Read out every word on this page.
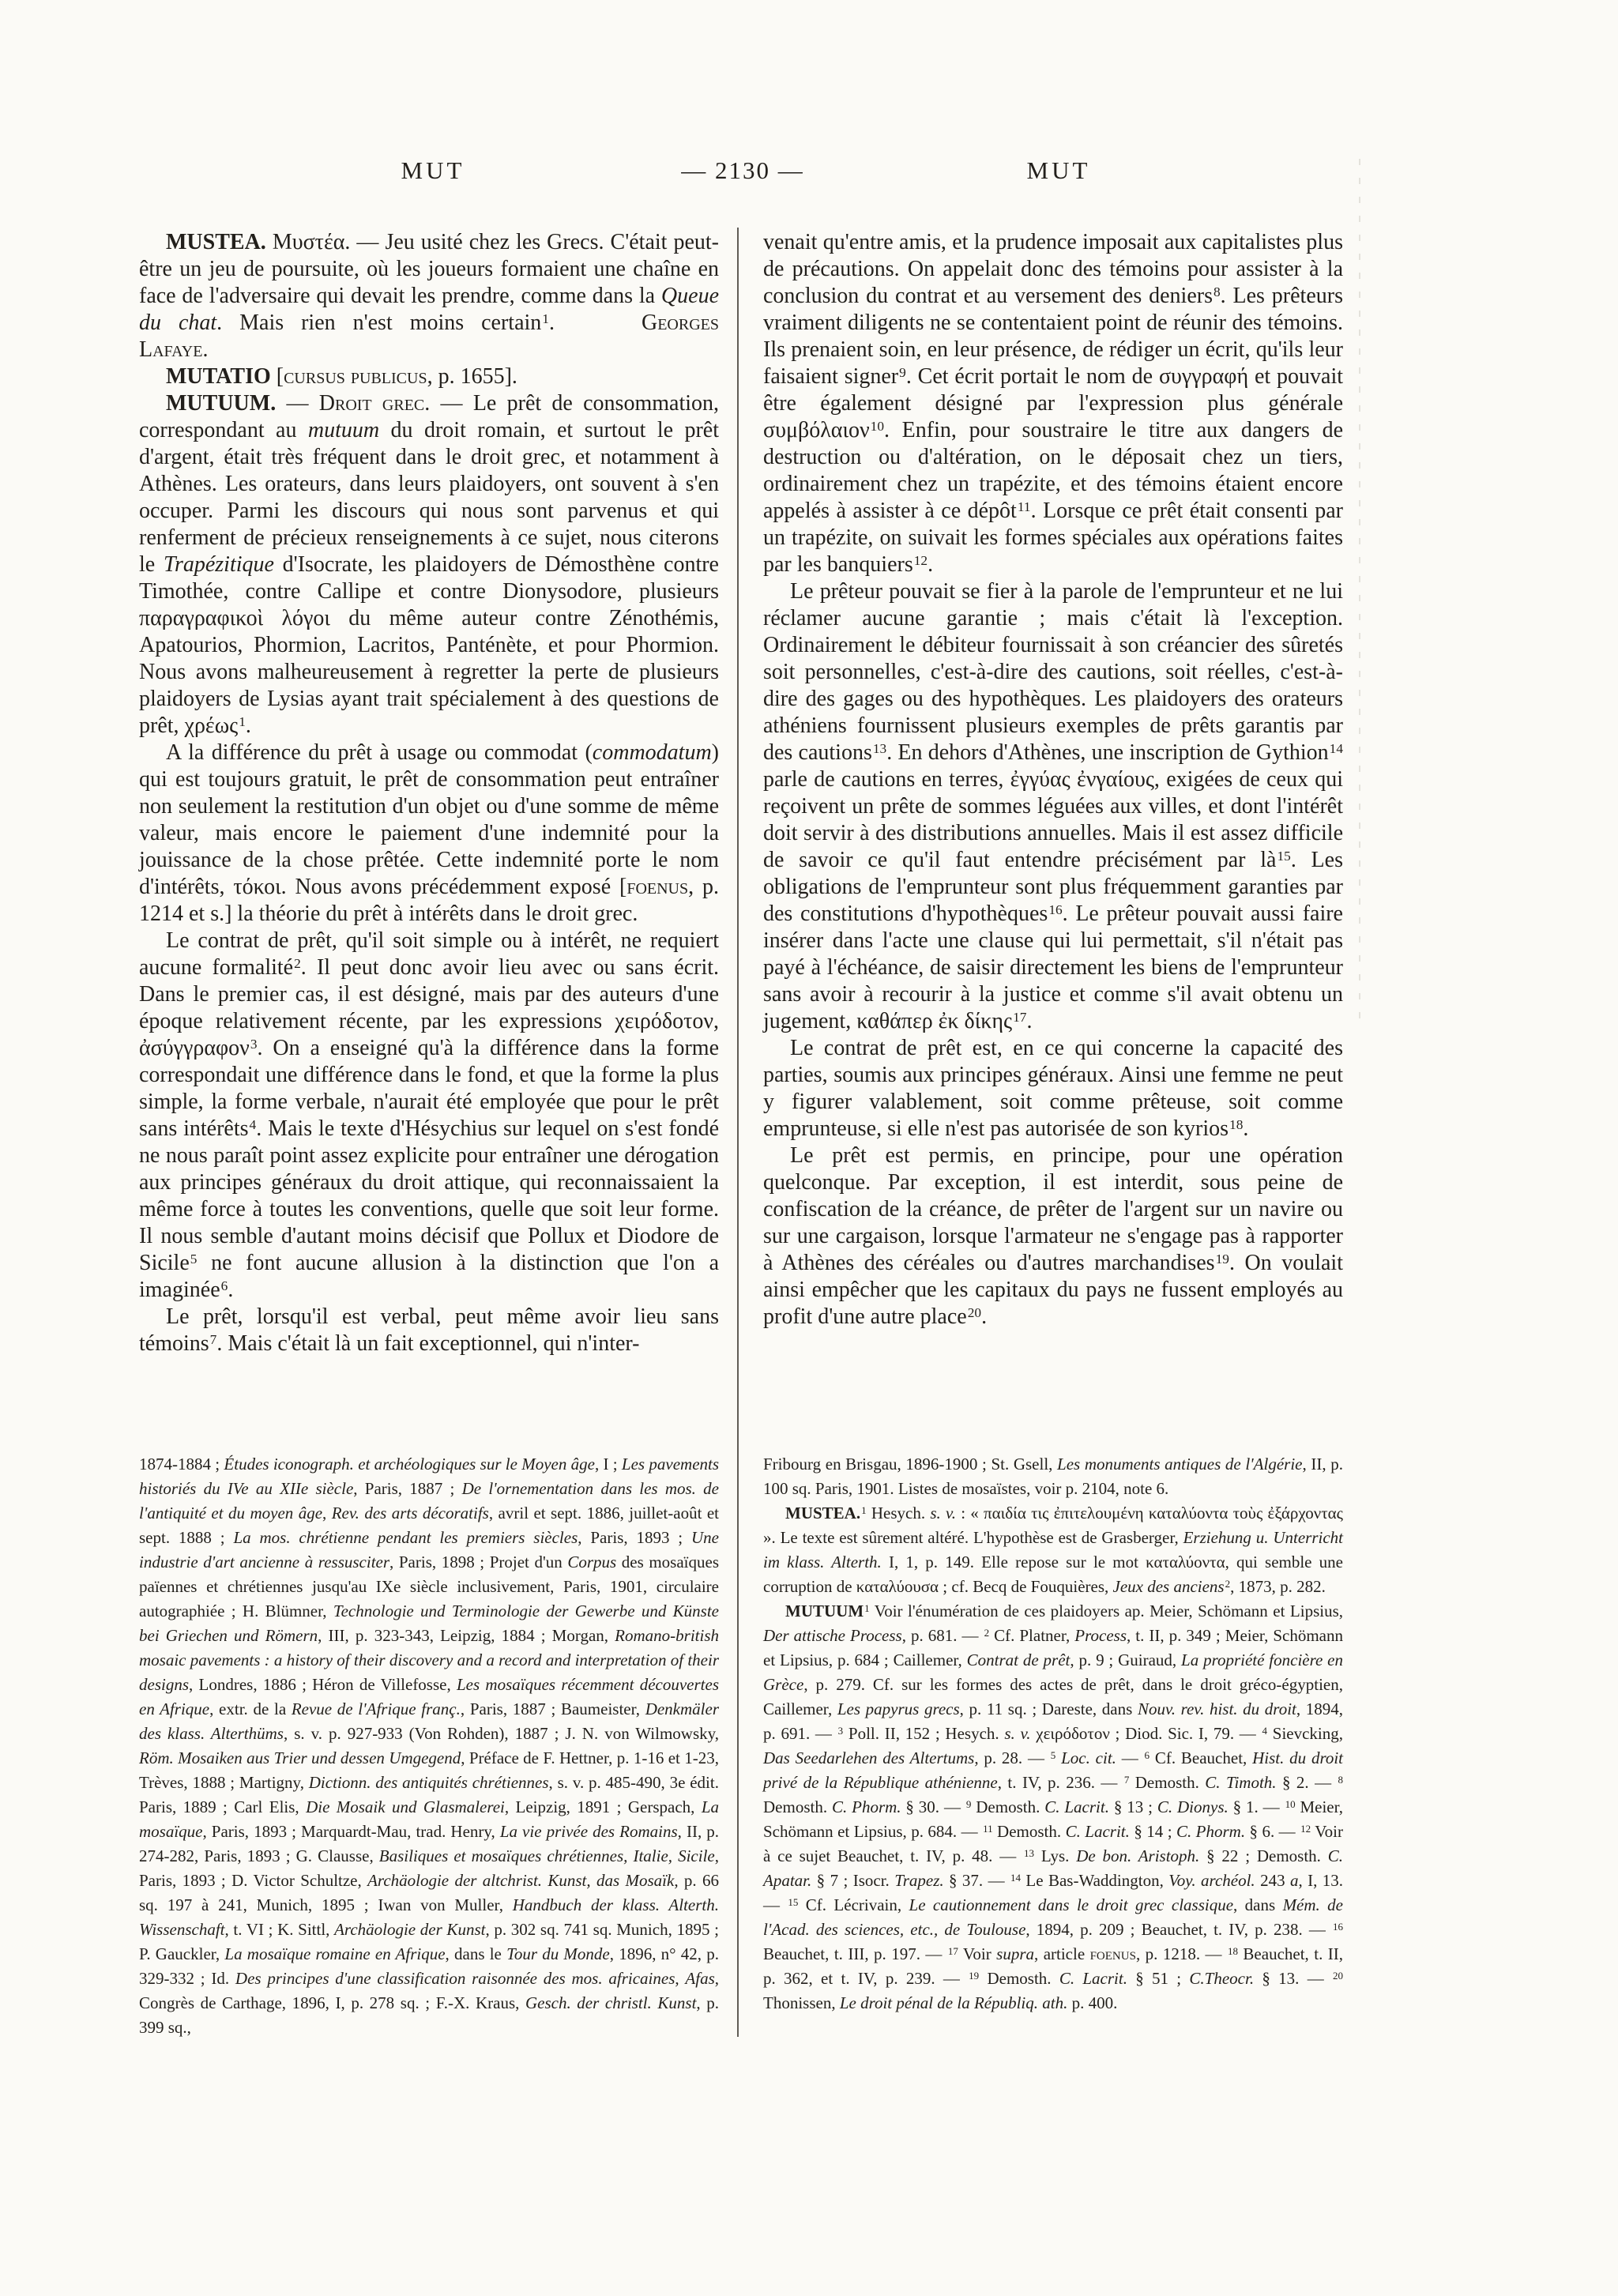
MUT	— 2130 —	MUT

MUSTEA. Μυστέα. — Jeu usité chez les Grecs. C'était peut-être un jeu de poursuite, où les joueurs formaient une chaîne en face de l'adversaire qui devait les prendre, comme dans la Queue du chat. Mais rien n'est moins certain$^1$.	Georges Lafaye.

MUTATIO [cursus publicus, p. 1655].

MUTUUM. — Droit grec. — Le prêt de consommation, correspondant au mutuum du droit romain, et surtout le prêt d'argent, était très fréquent dans le droit grec, et notamment à Athènes. Les orateurs, dans leurs plaidoyers, ont souvent à s'en occuper. Parmi les discours qui nous sont parvenus et qui renferment de précieux renseignements à ce sujet, nous citerons le Trapézitique d'Isocrate, les plaidoyers de Démosthène contre Timothée, contre Callipe et contre Dionysodore, plusieurs παραγραφικοὶ λόγοι du même auteur contre Zénothémis, Apatourios, Phormion, Lacritos, Panténète, et pour Phormion. Nous avons malheureusement à regretter la perte de plusieurs plaidoyers de Lysias ayant trait spécialement à des questions de prêt, χρέως$^1$.

A la différence du prêt à usage ou commodat (commodatum) qui est toujours gratuit, le prêt de consommation peut entraîner non seulement la restitution d'un objet ou d'une somme de même valeur, mais encore le paiement d'une indemnité pour la jouissance de la chose prêtée. Cette indemnité porte le nom d'intérêts, τόκοι. Nous avons précédemment exposé [foenus, p. 1214 et s.] la théorie du prêt à intérêts dans le droit grec.

Le contrat de prêt, qu'il soit simple ou à intérêt, ne requiert aucune formalité$^2$. Il peut donc avoir lieu avec ou sans écrit. Dans le premier cas, il est désigné, mais par des auteurs d'une époque relativement récente, par les expressions χειρόδοτον, ἀσύγγραφον$^3$. On a enseigné qu'à la différence dans la forme correspondait une différence dans le fond, et que la forme la plus simple, la forme verbale, n'aurait été employée que pour le prêt sans intérêts$^4$. Mais le texte d'Hésychius sur lequel on s'est fondé ne nous paraît point assez explicite pour entraîner une dérogation aux principes généraux du droit attique, qui reconnaissaient la même force à toutes les conventions, quelle que soit leur forme. Il nous semble d'autant moins décisif que Pollux et Diodore de Sicile$^5$ ne font aucune allusion à la distinction que l'on a imaginée$^6$.

Le prêt, lorsqu'il est verbal, peut même avoir lieu sans témoins$^7$. Mais c'était là un fait exceptionnel, qui n'inter-

venait qu'entre amis, et la prudence imposait aux capitalistes plus de précautions. On appelait donc des témoins pour assister à la conclusion du contrat et au versement des deniers$^8$. Les prêteurs vraiment diligents ne se contentaient point de réunir des témoins. Ils prenaient soin, en leur présence, de rédiger un écrit, qu'ils leur faisaient signer$^9$. Cet écrit portait le nom de συγγραφή et pouvait être également désigné par l'expression plus générale συμβόλαιον$^{10}$. Enfin, pour soustraire le titre aux dangers de destruction ou d'altération, on le déposait chez un tiers, ordinairement chez un trapézite, et des témoins étaient encore appelés à assister à ce dépôt$^{11}$. Lorsque ce prêt était consenti par un trapézite, on suivait les formes spéciales aux opérations faites par les banquiers$^{12}$.

Le prêteur pouvait se fier à la parole de l'emprunteur et ne lui réclamer aucune garantie ; mais c'était là l'exception. Ordinairement le débiteur fournissait à son créancier des sûretés soit personnelles, c'est-à-dire des cautions, soit réelles, c'est-à-dire des gages ou des hypothèques. Les plaidoyers des orateurs athéniens fournissent plusieurs exemples de prêts garantis par des cautions$^{13}$. En dehors d'Athènes, une inscription de Gythion$^{14}$ parle de cautions en terres, ἐγγύας ἐνγαίους, exigées de ceux qui reçoivent un prête de sommes léguées aux villes, et dont l'intérêt doit servir à des distributions annuelles. Mais il est assez difficile de savoir ce qu'il faut entendre précisément par $là^{15}$. Les obligations de l'emprunteur sont plus fréquemment garanties par des constitutions d'hypothèques$^{16}$. Le prêteur pouvait aussi faire insérer dans l'acte une clause qui lui permettait, s'il n'était pas payé à l'échéance, de saisir directement les biens de l'emprunteur sans avoir à recourir à la justice et comme s'il avait obtenu un jugement, καθάπερ ἐκ δίκης$^{17}$.

Le contrat de prêt est, en ce qui concerne la capacité des parties, soumis aux principes généraux. Ainsi une femme ne peut y figurer valablement, soit comme prêteuse, soit comme emprunteuse, si elle n'est pas autorisée de son kyrios$^{18}$.

Le prêt est permis, en principe, pour une opération quelconque. Par exception, il est interdit, sous peine de confiscation de la créance, de prêter de l'argent sur un navire ou sur une cargaison, lorsque l'armateur ne s'engage pas à rapporter à Athènes des céréales ou d'autres marchandises$^{19}$. On voulait ainsi empêcher que les capitaux du pays ne fussent employés au profit d'une autre place$^{20}$.

1874-1884 ; Études iconograph. et archéologiques sur le Moyen âge, I ; Les pavements historiés du IVe au XIIe siècle, Paris, 1887 ; De l'ornementation dans les mos. de l'antiquité et du moyen âge, Rev. des arts décoratifs, avril et sept. 1886, juillet-août et sept. 1888 ; La mos. chrétienne pendant les premiers siècles, Paris, 1893 ; Une industrie d'art ancienne à ressusciter, Paris, 1898 ; Projet d'un Corpus des mosaïques païennes et chrétiennes jusqu'au IXe siècle inclusivement, Paris, 1901, circulaire autographiée ; H. Blümner, Technologie und Terminologie der Gewerbe und Künste bei Griechen und Römern, III, p. 323-343, Leipzig, 1884 ; Morgan, Romano-british mosaic pavements : a history of their discovery and a record and interpretation of their designs, Londres, 1886 ; Héron de Villefosse, Les mosaïques récemment découvertes en Afrique, extr. de la Revue de l'Afrique franç., Paris, 1887 ; Baumeister, Denkmäler des klass. Alterthüms, s. v. p. 927-933 (Von Rohden), 1887 ; J. N. von Wilmowsky, Röm. Mosaiken aus Trier und dessen Umgegend, Préface de F. Hettner, p. 1-16 et 1-23, Trèves, 1888 ; Martigny, Dictionn. des antiquités chrétiennes, s. v. p. 485-490, 3e édit. Paris, 1889 ; Carl Elis, Die Mosaik und Glasmalerei, Leipzig, 1891 ; Gerspach, La mosaïque, Paris, 1893 ; Marquardt-Mau, trad. Henry, La vie privée des Romains, II, p. 274-282, Paris, 1893 ; G. Clausse, Basiliques et mosaïques chrétiennes, Italie, Sicile, Paris, 1893 ; D. Victor Schultze, Archäologie der altchrist. Kunst, das Mosaïk, p. 66 sq. 197 à 241, Munich, 1895 ; Iwan von Muller, Handbuch der klass. Alterth. Wissenschaft, t. VI ; K. Sittl, Archäologie der Kunst, p. 302 sq. 741 sq. Munich, 1895 ; P. Gauckler, La mosaïque romaine en Afrique, dans le Tour du Monde, 1896, n° 42, p. 329-332 ; Id. Des principes d'une classification raisonnée des mos. africaines, Afas, Congrès de Carthage, 1896, I, p. 278 sq. ; F.-X. Kraus, Gesch. der christl. Kunst, p. 399 sq.,

Fribourg en Brisgau, 1896-1900 ; St. Gsell, Les monuments antiques de l'Algérie, II, p. 100 sq. Paris, 1901. Listes de mosaïstes, voir p. 2104, note 6.

MUSTEA.$^1$ Hesych. s. v. : « παιδία τις ἐπιτελουμένη καταλύοντα τοὺς ἐξάρχοντας ». Le texte est sûrement altéré. L'hypothèse est de Grasberger, Erziehung u. Unterricht im klass. Alterth. I, 1, p. 149. Elle repose sur le mot καταλύοντα, qui semble une corruption de καταλύουσα ; cf. Becq de Fouquières, Jeux des anciens$^2$, 1873, p. 282.

MUTUUM$^1$ Voir l'énumération de ces plaidoyers ap. Meier, Schömann et Lipsius, Der attische Process, p. 681. — $^2$ Cf. Platner, Process, t. II, p. 349 ; Meier, Schömann et Lipsius, p. 684 ; Caillemer, Contrat de prêt, p. 9 ; Guiraud, La propriété foncière en Grèce, p. 279. Cf. sur les formes des actes de prêt, dans le droit gréco-égyptien, Caillemer, Les papyrus grecs, p. 11 sq. ; Dareste, dans Nouv. rev. hist. du droit, 1894, p. 691. — $^3$ Poll. II, 152 ; Hesych. s. v. χειρόδοτον ; Diod. Sic. I, 79. — $^4$ Sievcking, Das Seedarlehen des Altertums, p. 28. — $^5$ Loc. cit. — $^6$ Cf. Beauchet, Hist. du droit privé de la République athénienne, t. IV, p. 236. — $^7$ Demosth. C. Timoth. § 2. — $^8$ Demosth. C. Phorm. § 30. — $^9$ Demosth. C. Lacrit. § 13 ; C. Dionys. § 1. — $^{10}$ Meier, Schömann et Lipsius, p. 684. — $^{11}$ Demosth. C. Lacrit. § 14 ; C. Phorm. § 6. — $^{12}$ Voir à ce sujet Beauchet, t. IV, p. 48. — $^{13}$ Lys. De bon. Aristoph. § 22 ; Demosth. C. Apatar. § 7 ; Isocr. Trapez. § 37. — $^{14}$ Le Bas-Waddington, Voy. archéol. 243 a, I, 13. — $^{15}$ Cf. Lécrivain, Le cautionnement dans le droit grec classique, dans Mém. de l'Acad. des sciences, etc., de Toulouse, 1894, p. 209 ; Beauchet, t. IV, p. 238. — $^{16}$ Beauchet, t. III, p. 197. — $^{17}$ Voir supra, article foenus, p. 1218. — $^{18}$ Beauchet, t. II, p. 362, et t. IV, p. 239. — $^{19}$ Demosth. C. Lacrit. § 51 ; C.Theocr. § 13. — $^{20}$ Thonissen, Le droit pénal de la Républiq. ath. p. 400.
